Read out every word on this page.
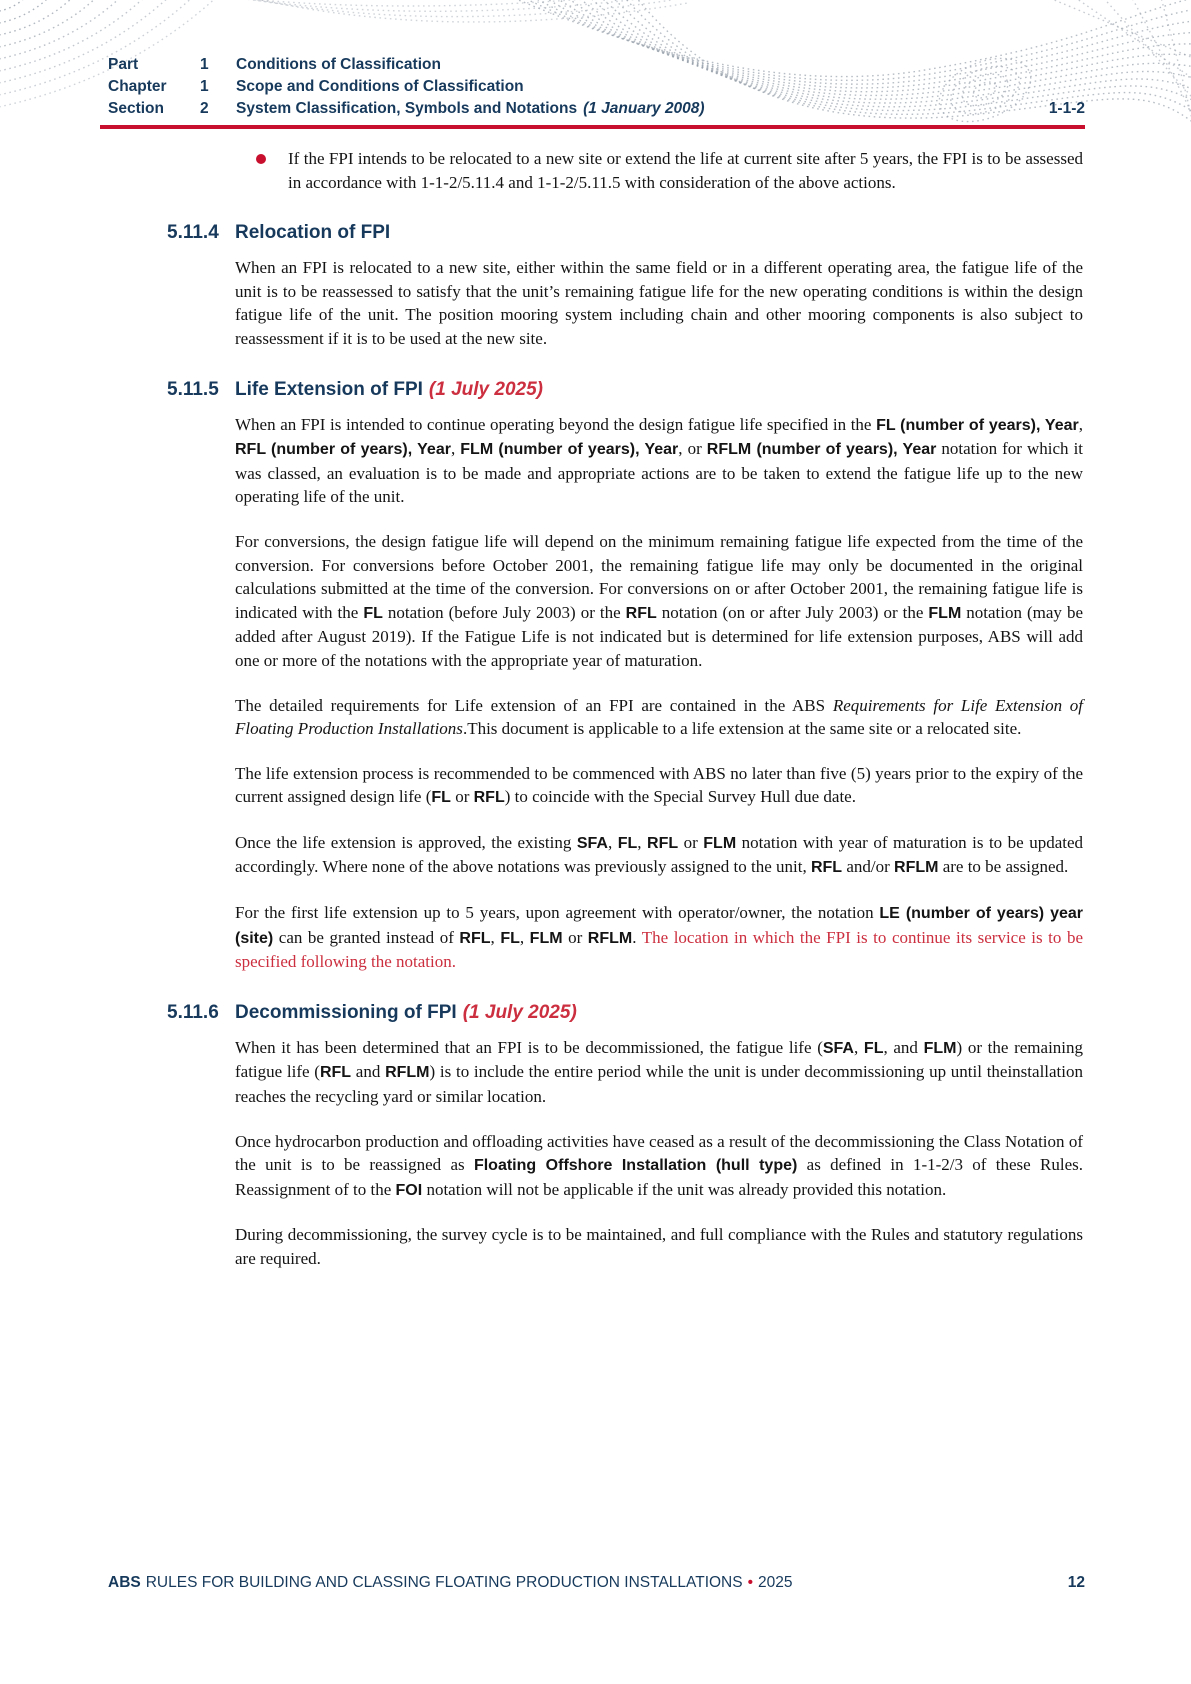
Part	1	Conditions of Classification
Chapter	1	Scope and Conditions of Classification
Section	2	System Classification, Symbols and Notations (1 January 2008)	1-1-2

If the FPI intends to be relocated to a new site or extend the life at current site after 5 years, the FPI is to be assessed in accordance with 1-1-2/5.11.4 and 1-1-2/5.11.5 with consideration of the above actions.

5.11.4 Relocation of FPI

When an FPI is relocated to a new site, either within the same field or in a different operating area, the fatigue life of the unit is to be reassessed to satisfy that the unit’s remaining fatigue life for the new operating conditions is within the design fatigue life of the unit. The position mooring system including chain and other mooring components is also subject to reassessment if it is to be used at the new site.

5.11.5 Life Extension of FPI (1 July 2025)

When an FPI is intended to continue operating beyond the design fatigue life specified in the FL (number of years), Year, RFL (number of years), Year, FLM (number of years), Year, or RFLM (number of years), Year notation for which it was classed, an evaluation is to be made and appropriate actions are to be taken to extend the fatigue life up to the new operating life of the unit.

For conversions, the design fatigue life will depend on the minimum remaining fatigue life expected from the time of the conversion. For conversions before October 2001, the remaining fatigue life may only be documented in the original calculations submitted at the time of the conversion. For conversions on or after October 2001, the remaining fatigue life is indicated with the FL notation (before July 2003) or the RFL notation (on or after July 2003) or the FLM notation (may be added after August 2019). If the Fatigue Life is not indicated but is determined for life extension purposes, ABS will add one or more of the notations with the appropriate year of maturation.

The detailed requirements for Life extension of an FPI are contained in the ABS Requirements for Life Extension of Floating Production Installations.This document is applicable to a life extension at the same site or a relocated site.

The life extension process is recommended to be commenced with ABS no later than five (5) years prior to the expiry of the current assigned design life (FL or RFL) to coincide with the Special Survey Hull due date.

Once the life extension is approved, the existing SFA, FL, RFL or FLM notation with year of maturation is to be updated accordingly. Where none of the above notations was previously assigned to the unit, RFL and/or RFLM are to be assigned.

For the first life extension up to 5 years, upon agreement with operator/owner, the notation LE (number of years) year (site) can be granted instead of RFL, FL, FLM or RFLM. The location in which the FPI is to continue its service is to be specified following the notation.

5.11.6 Decommissioning of FPI (1 July 2025)

When it has been determined that an FPI is to be decommissioned, the fatigue life (SFA, FL, and FLM) or the remaining fatigue life (RFL and RFLM) is to include the entire period while the unit is under decommissioning up until theinstallation reaches the recycling yard or similar location.

Once hydrocarbon production and offloading activities have ceased as a result of the decommissioning the Class Notation of the unit is to be reassigned as Floating Offshore Installation (hull type) as defined in 1-1-2/3 of these Rules. Reassignment of to the FOI notation will not be applicable if the unit was already provided this notation.

During decommissioning, the survey cycle is to be maintained, and full compliance with the Rules and statutory regulations are required.

ABS RULES FOR BUILDING AND CLASSING FLOATING PRODUCTION INSTALLATIONS • 2025	12
